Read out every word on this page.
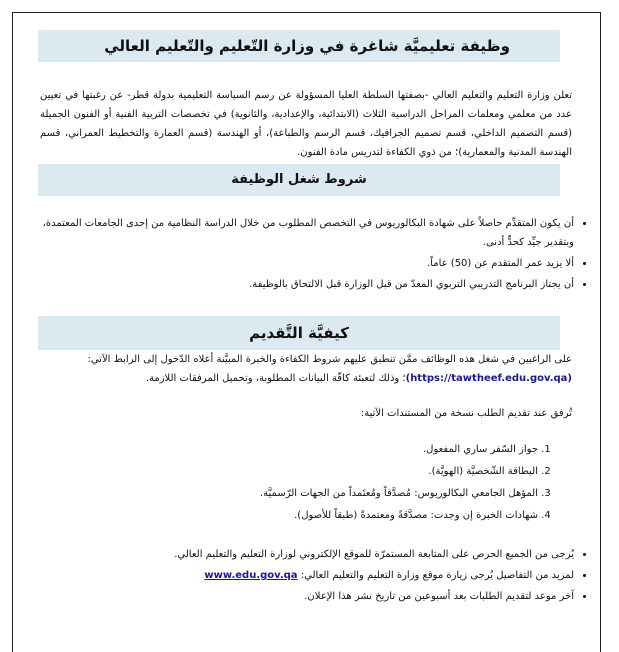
وظيفة تعليميَّة شاغرة في وزارة التّعليم والتّعليم العالي
تعلن وزارة التعليم والتعليم العالي -بصفتها السلطة العليا المسؤولة عن رسم السياسة التعليمية بدولة قطر- عن رغبتها في تعيين عدد من معلمي ومعلمات المراحل الدراسية الثلاث (الابتدائية، والإعدادية، والثانوية) في تخصصات التربية الفنية أو الفنون الجميلة (قسم التصميم الداخلي، قسم تصميم الجرافيك، قسم الرسم والطباعة)، أو الهندسة (قسم العمارة والتخطيط العمراني، قسم الهندسة المدنية والمعمارية)؛ من ذوي الكفاءة لتدريس مادة الفنون.
شروط شغل الوظيفة
• أن يكون المتقدِّم حاصلاً على شهادة البكالوريوس في التخصص المطلوب من خلال الدراسة النظامية من إحدى الجامعات المعتمدة، وبتقدير جيِّد كحدٍّ أدنى.
• ألا يزيد عمر المتقدم عن (50) عاماً.
• أن يجتاز البرنامج التدريبي التربوي المعدّ من قبل الوزارة قبل الالتحاق بالوظيفة.
كيفيَّة التَّقديم
على الراغبين في شغل هذه الوظائف ممَّن تنطبق عليهم شروط الكفاءة والخبرة المبيَّنة أعلاه الدّخول إلى الرابط الآتي: (https://tawtheef.edu.gov.qa)؛ وذلك لتعبئة كافّة البيانات المطلوبة، وتحميل المرفقات اللازمة.
تُرفق عند تقديم الطلب نسخة من المستندات الآتية:
1. جواز السّفر ساري المفعول.
2. البطاقة الشّخصيَّة (الهويَّة).
3. المؤهل الجامعي البكالوريوس: مُصدَّقاً ومُعتَمداً من الجهات الرّسميَّة.
4. شهادات الخبرة إن وجدت: مصدَّقةً ومعتمدةً (طبقاً للأصول).
• يُرجى من الجميع الحرص على المتابعة المستمرّة للموقع الإلكتروني لوزارة التعليم والتعليم العالي.
• لمزيد من التفاصيل يُرجى زيارة موقع وزارة التعليم والتعليم العالي: www.edu.gov.qa
• آخر موعد لتقديم الطلبات بعد أسبوعين من تاريخ نشر هذا الإعلان.
